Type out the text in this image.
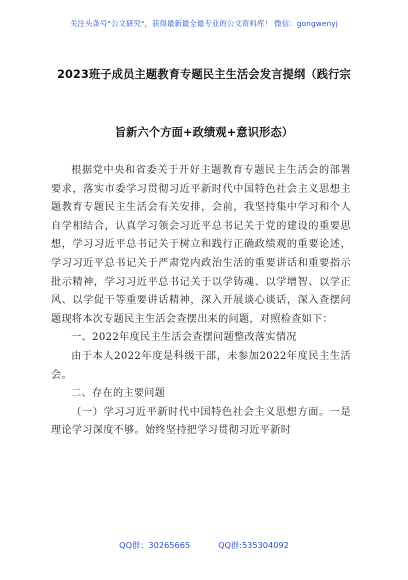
关注头条号"公文研究"，获得最新最全最专业的公文资料库！ 微信：gongwenyj
2023班子成员主题教育专题民主生活会发言提纲（践行宗
旨新六个方面+政绩观+意识形态）

根据党中央和省委关于开好主题教育专题民主生活会的部署要求，落实市委学习贯彻习近平新时代中国特色社会主义思想主题教育专题民主生活会有关安排，会前，我坚持集中学习和个人自学相结合，认真学习领会习近平总书记关于党的建设的重要思想，学习习近平总书记关于树立和践行正确政绩观的重要论述，学习习近平总书记关于严肃党内政治生活的重要讲话和重要指示批示精神，学习习近平总书记关于以学铸魂、以学增智、以学正风、以学促干等重要讲话精神，深入开展谈心谈话，深入查摆问题现将本次专题民主生活会查摆出来的问题，对照检查如下：

一、2022年度民主生活会查摆问题整改落实情况

由于本人2022年度是科级干部，未参加2022年度民主生活会。

二、存在的主要问题

（一）学习习近平新时代中国特色社会主义思想方面。一是理论学习深度不够。始终坚持把学习贯彻习近平新时

QQ群：30265665	QQ群:535304092
